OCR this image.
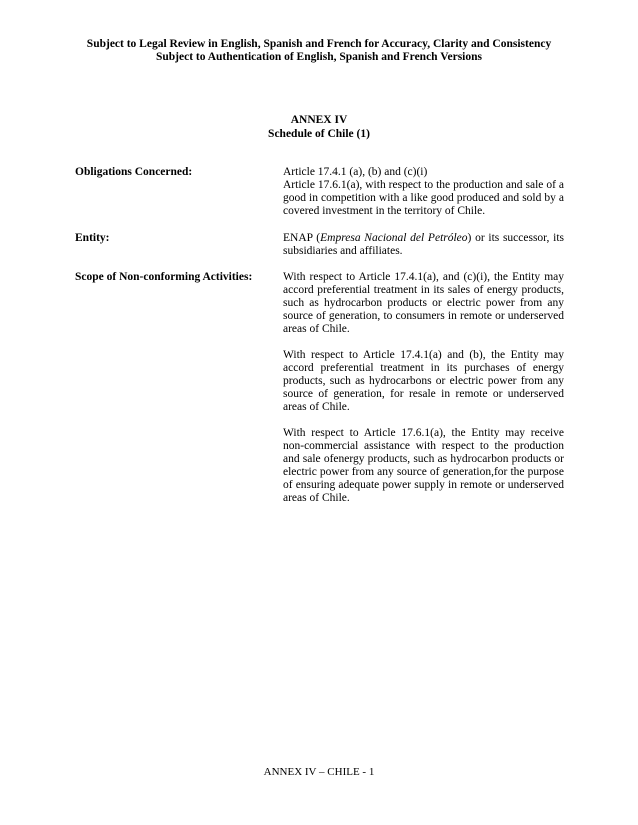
Subject to Legal Review in English, Spanish and French for Accuracy, Clarity and Consistency
Subject to Authentication of English, Spanish and French Versions
ANNEX IV
Schedule of Chile (1)
Obligations Concerned:	Article 17.4.1 (a), (b) and (c)(i)

Article 17.6.1(a), with respect to the production and sale of a good in competition with a like good produced and sold by a covered investment in the territory of Chile.

Entity:	ENAP (Empresa Nacional del Petróleo) or its successor, its subsidiaries and affiliates.

Scope of Non-conforming Activities:	With respect to Article 17.4.1(a), and (c)(i), the Entity may accord preferential treatment in its sales of energy products, such as hydrocarbon products or electric power from any source of generation, to consumers in remote or underserved areas of Chile.

With respect to Article 17.4.1(a) and (b), the Entity may accord preferential treatment in its purchases of energy products, such as hydrocarbons or electric power from any source of generation, for resale in remote or underserved areas of Chile.

With respect to Article 17.6.1(a), the Entity may receive non-commercial assistance with respect to the production and sale ofenergy products, such as hydrocarbon products or electric power from any source of generation,for the purpose of ensuring adequate power supply in remote or underserved areas of Chile.

ANNEX IV – CHILE - 1
